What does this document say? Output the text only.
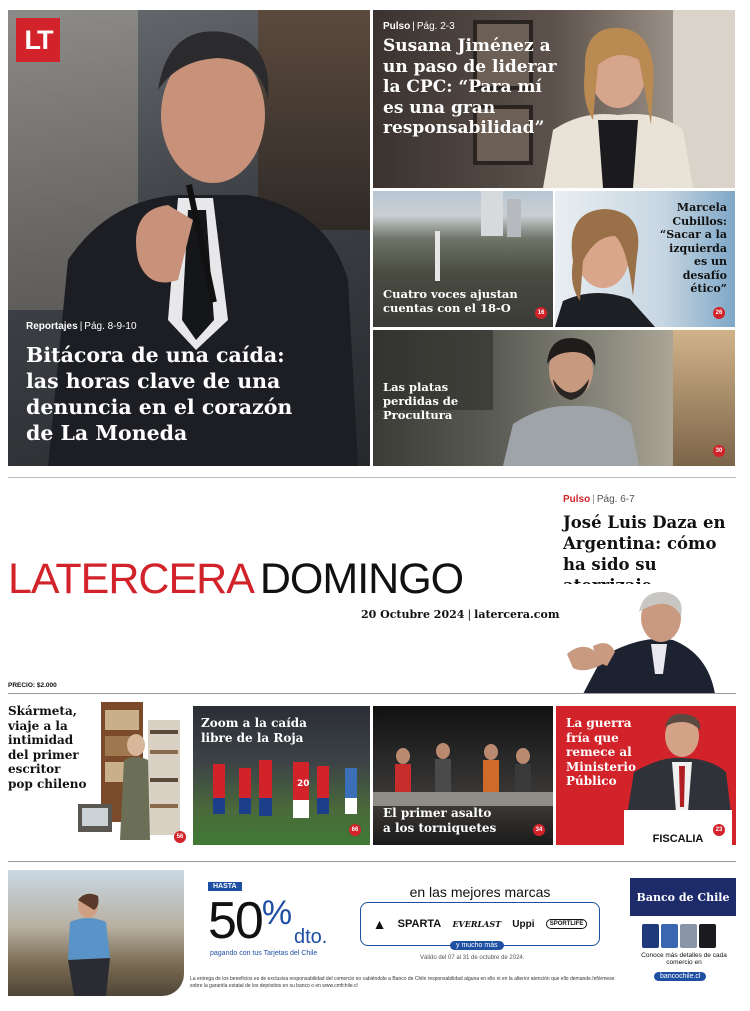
Reportajes | Pág. 8-9-10
Bitácora de una caída: las horas clave de una denuncia en el corazón de La Moneda
LT	Pulso | Pág. 2-3
Susana Jiménez a un paso de liderar la CPC: “Para mí es una gran responsabilidad”
Cuatro voces ajustan cuentas con el 18-O	16
Marcela Cubillos: “Sacar a la izquierda es un desafío ético”
26
Las platas perdidas de Procultura
30
LATERCERA DOMINGO
20 Octubre 2024 | latercera.com
PRECIO: $2.000
Pulso | Pág. 6-7
José Luis Daza en Argentina: cómo ha sido su
Skármeta, viaje a la intimidad del primer escritor pop chileno
56
20
Zoom a la caída libre de la Roja
66
El primer asalto a los torniquetes	34
FISCALIA
La guerra fría que remece al Ministerio Público
23
HASTA
50%
dto.
pagando con tus Tarjetas del Chile
en las mejores marcas
▲ SPARTA EVERLAST Uppi	SPORTLIFE
y mucho más
Válido del 07 al 31 de octubre de 2024.
Banco de Chile
Conoce más detalles de cada comercio en
bancochile.cl
La entrega de los beneficios es de exclusiva responsabilidad del comercio no cabiéndole a Banco de Chile responsabilidad alguna en ello ni en la alterior atención que ello demande.Infórmese sobre la garantía estatal de los depósitos en su banco o en www.cmfchile.cl
